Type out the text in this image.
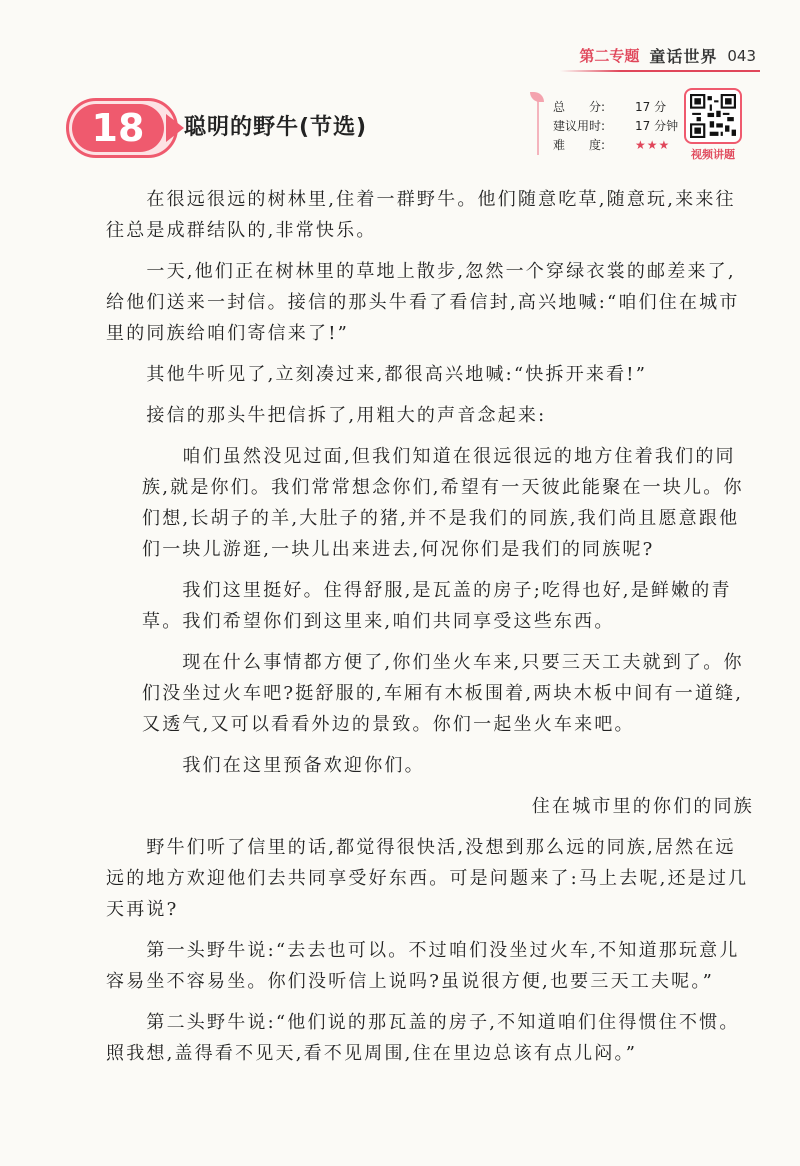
第二专题 童话世界 043
18	聪明的野牛(节选)
总　　分:	17 分
建议用时:	17 分钟
难　　度:	★★★
视频讲题

　　在很远很远的树林里,住着一群野牛。他们随意吃草,随意玩,来来往往总是成群结队的,非常快乐。

　　一天,他们正在树林里的草地上散步,忽然一个穿绿衣裳的邮差来了,给他们送来一封信。接信的那头牛看了看信封,高兴地喊:“咱们住在城市里的同族给咱们寄信来了!”

　　其他牛听见了,立刻凑过来,都很高兴地喊:“快拆开来看!”

　　接信的那头牛把信拆了,用粗大的声音念起来:

　　咱们虽然没见过面,但我们知道在很远很远的地方住着我们的同族,就是你们。我们常常想念你们,希望有一天彼此能聚在一块儿。你们想,长胡子的羊,大肚子的猪,并不是我们的同族,我们尚且愿意跟他们一块儿游逛,一块儿出来进去,何况你们是我们的同族呢?

　　我们这里挺好。住得舒服,是瓦盖的房子;吃得也好,是鲜嫩的青草。我们希望你们到这里来,咱们共同享受这些东西。

　　现在什么事情都方便了,你们坐火车来,只要三天工夫就到了。你们没坐过火车吧?挺舒服的,车厢有木板围着,两块木板中间有一道缝,又透气,又可以看看外边的景致。你们一起坐火车来吧。

　　我们在这里预备欢迎你们。

住在城市里的你们的同族

　　野牛们听了信里的话,都觉得很快活,没想到那么远的同族,居然在远远的地方欢迎他们去共同享受好东西。可是问题来了:马上去呢,还是过几天再说?

　　第一头野牛说:“去去也可以。不过咱们没坐过火车,不知道那玩意儿容易坐不容易坐。你们没听信上说吗?虽说很方便,也要三天工夫呢。”

　　第二头野牛说:“他们说的那瓦盖的房子,不知道咱们住得惯住不惯。照我想,盖得看不见天,看不见周围,住在里边总该有点儿闷。”
